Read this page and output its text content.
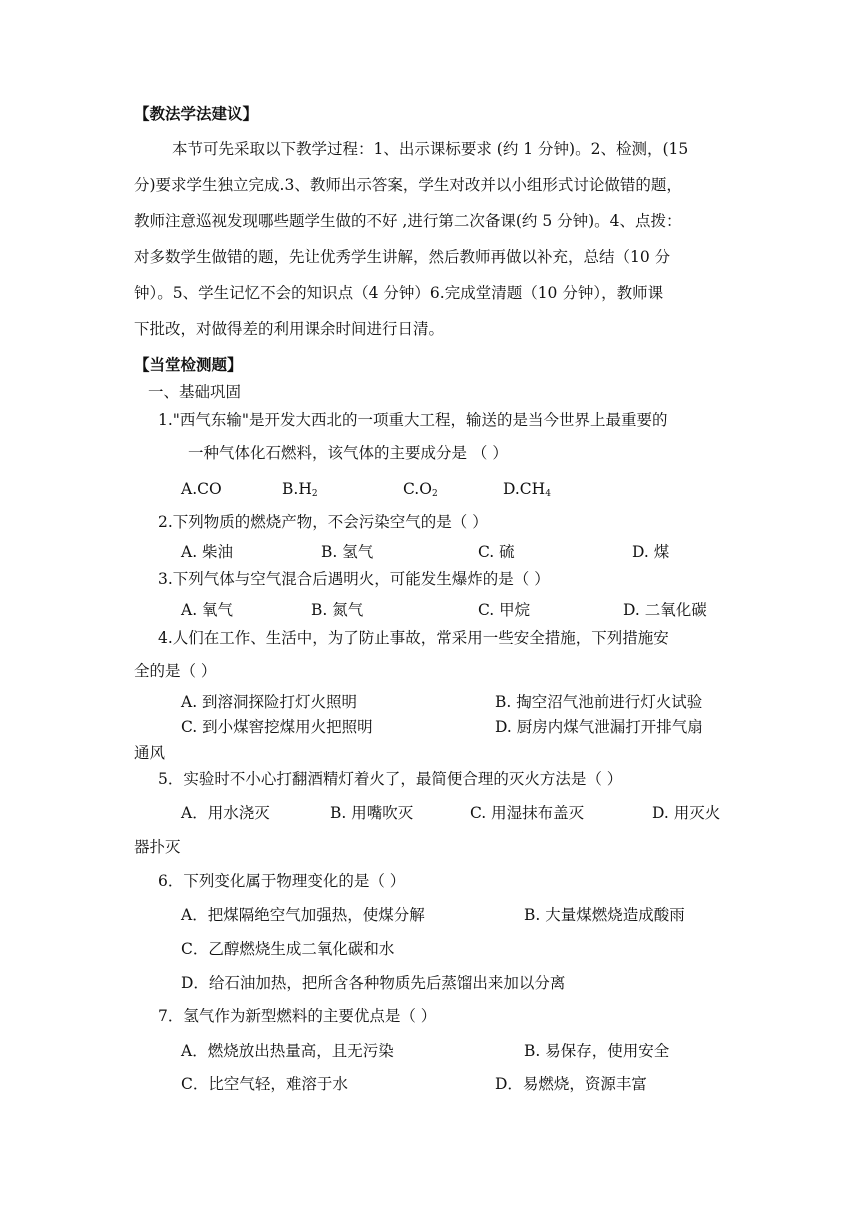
【教法学法建议】
本节可先采取以下教学过程：1、出示课标要求 (约 1 分钟)。2、检测，(15
分)要求学生独立完成.3、教师出示答案，学生对改并以小组形式讨论做错的题，
教师注意巡视发现哪些题学生做的不好 ,进行第二次备课(约 5 分钟)。4、点拨：
对多数学生做错的题，先让优秀学生讲解，然后教师再做以补充，总结（10 分
钟）。5、学生记忆不会的知识点（4 分钟）6.完成堂清题（10 分钟），教师课
下批改，对做得差的利用课余时间进行日清。
【当堂检测题】
一、基础巩固
1."西气东输"是开发大西北的一项重大工程，输送的是当今世界上最重要的
一种气体化石燃料，该气体的主要成分是 （ ）
A.CO	$B.H_2$	$C.O_2$	$D.CH_4$
2.下列物质的燃烧产物，不会污染空气的是（ ）
A. 柴油	B. 氢气	C. 硫	D. 煤
3.下列气体与空气混合后遇明火，可能发生爆炸的是（ ）
A. 氧气	B. 氮气	C. 甲烷	D. 二氧化碳
4.人们在工作、生活中，为了防止事故，常采用一些安全措施，下列措施安
全的是（ ）
A. 到溶洞探险打灯火照明	B. 掏空沼气池前进行灯火试验
C. 到小煤窖挖煤用火把照明	D. 厨房内煤气泄漏打开排气扇
通风
5．实验时不小心打翻酒精灯着火了，最简便合理的灭火方法是（ ）
A．用水浇灭	B. 用嘴吹灭	C. 用湿抹布盖灭	D. 用灭火
器扑灭
6．下列变化属于物理变化的是（ ）
A．把煤隔绝空气加强热，使煤分解	B. 大量煤燃烧造成酸雨
C．乙醇燃烧生成二氧化碳和水
D．给石油加热，把所含各种物质先后蒸馏出来加以分离
7．氢气作为新型燃料的主要优点是（ ）
A．燃烧放出热量高，且无污染	B. 易保存，使用安全
C．比空气轻，难溶于水	D．易燃烧，资源丰富
